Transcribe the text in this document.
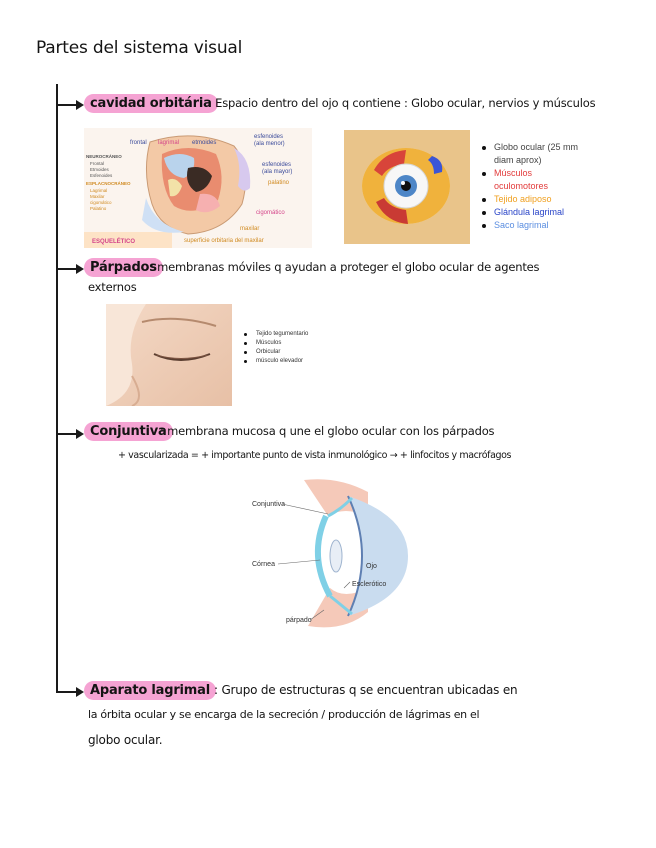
Partes del sistema visual
cavidad orbitária
: Espacio dentro del ojo q contiene : Globo ocular, nervios y músculos
frontal lagrimal etmoides
esfenoides
(ala menor)
esfenoides
(ala mayor)
palatino
cigomático
maxilar
superficie orbitaria del maxilar
NEUROCRÁNEO
Frontal
Etmoides
Esfenoides
ESPLACNOCRÁNEO
Lagrimal
Maxilar
cigomático
Palatino
ESQUELÉTICO
Globo ocular (25 mm diam aprox)
Músculos oculomotores
Tejido adiposo
Glándula lagrimal
Saco lagrimal
Párpados
: membranas móviles q ayudan a proteger el globo ocular de agentes
externos
Tejido tegumentario
Músculos
Orbicular
músculo elevador
Conjuntiva
: membrana mucosa q une el globo ocular con los párpados
+ vascularizada = + importante punto de vista inmunológico → + linfocitos y macrófagos
Conjuntiva
Córnea	Ojo
Esclerótico
párpado
Aparato lagrimal : Grupo de estructuras q se encuentran ubicadas en
la órbita ocular y se encarga de la secreción / producción de lágrimas en el
globo ocular.
